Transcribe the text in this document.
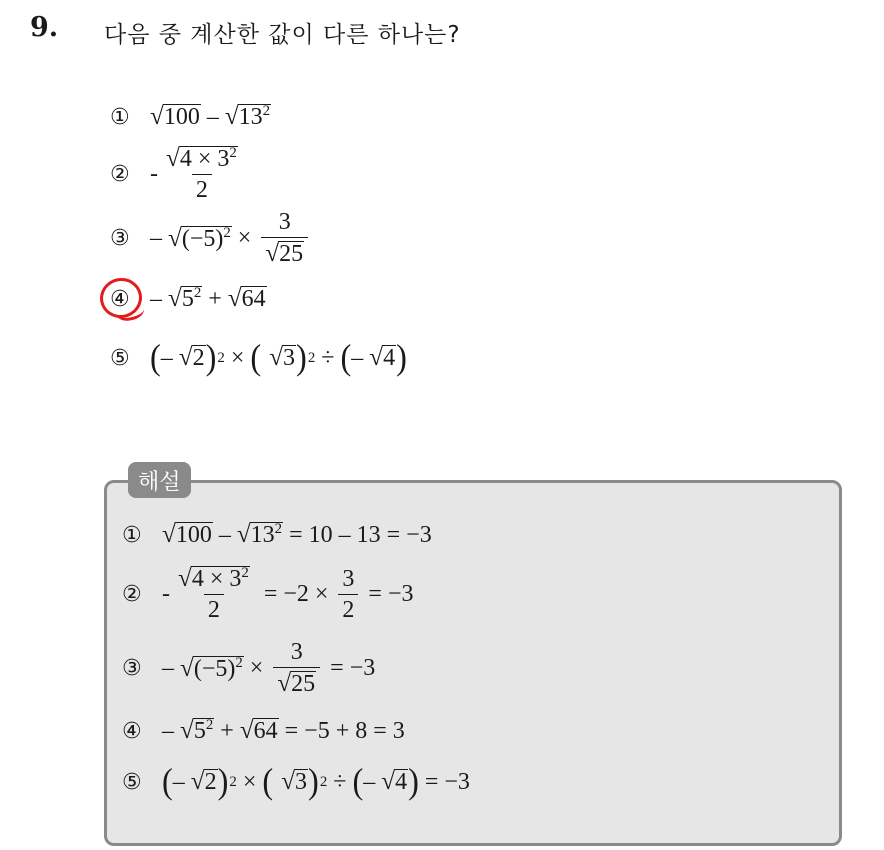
9. 다음 중 계산한 값이 다른 하나는?
① √ 100 – √ $13^2$
② - $\frac{√ 4 \times 3^2}{2}$
③ – √ $(-5)^2 \times \frac{3}{√ 25}$
④ – √ $5^2$ + √ 64
⑤ ( – √ 2 ) 2 × ( √ 3 ) 2 ÷ ( – √ 4 )
해설
① √ 100 – √ $13^2 = 10 - 13 = -3$
② - $\frac{√ 4 \times 3^2}{2} = -2 \times \frac{3}{2} = -3$
③ – √ $(-5)^2 \times \frac{3}{√ 25} = -3$
④ – √ $5^2$ + √ 64 = −5 + 8 = 3
⑤ ( – √ 2 ) 2 × ( √ 3 ) 2 ÷ ( – √ 4 ) = −3
